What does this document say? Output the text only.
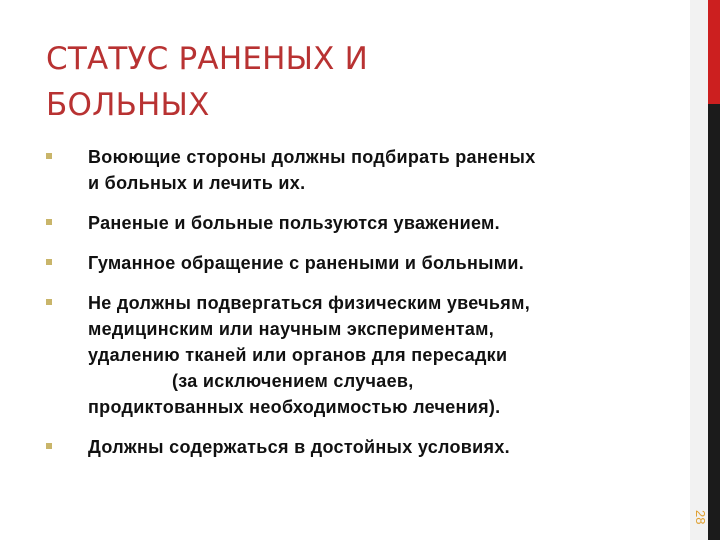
СТАТУС РАНЕНЫХ И
БОЛЬНЫХ
Воюющие стороны должны подбирать раненых
и больных и лечить их.
Раненые и больные пользуются уважением.
Гуманное обращение с ранеными и больными.
Не должны подвергаться физическим увечьям,
медицинским или научным экспериментам,
удалению тканей или органов для пересадки
(за исключением случаев,
продиктованных необходимостью лечения).
Должны содержаться в достойных условиях.
28
